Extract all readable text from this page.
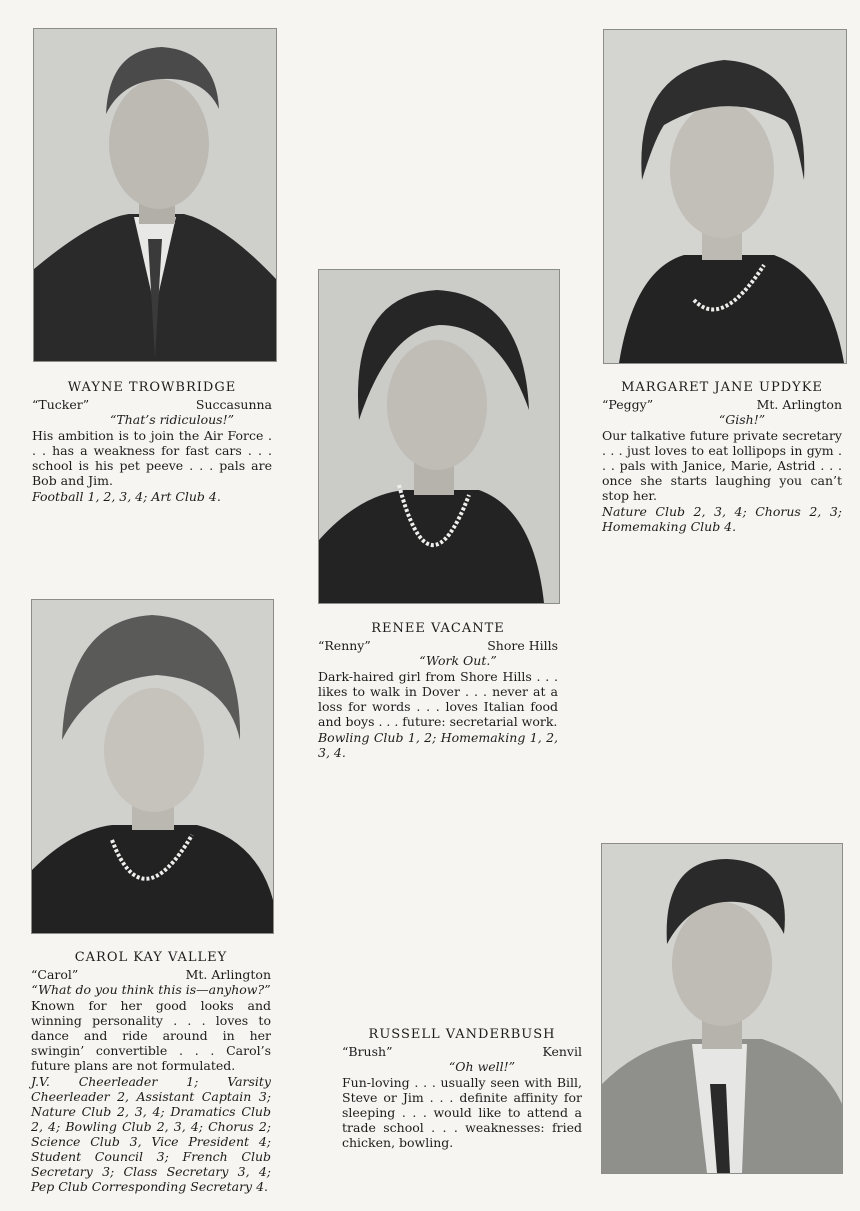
WAYNE TROWBRIDGE
“Tucker”	Succasunna
“That’s ridiculous!”
His ambition is to join the Air Force . . . has a weakness for fast cars . . . school is his pet peeve . . . pals are Bob and Jim.
Football 1, 2, 3, 4; Art Club 4.
MARGARET JANE UPDYKE
“Peggy”	Mt. Arlington
“Gish!”
Our talkative future private secretary . . . just loves to eat lollipops in gym . . . pals with Janice, Marie, Astrid . . . once she starts laughing you can’t stop her.
Nature Club 2, 3, 4; Chorus 2, 3; Homemaking Club 4.
RENEE VACANTE
“Renny”	Shore Hills
“Work Out.”
Dark-haired girl from Shore Hills . . . likes to walk in Dover . . . never at a loss for words . . . loves Italian food and boys . . . future: secretarial work.
Bowling Club 1, 2; Homemaking 1, 2, 3, 4.
CAROL KAY VALLEY
“Carol”	Mt. Arlington
“What do you think this is—anyhow?”
Known for her good looks and winning personality . . . loves to dance and ride around in her swingin’ convertible . . . Carol’s future plans are not formulated.
J.V. Cheerleader 1; Varsity Cheerleader 2, Assistant Captain 3; Nature Club 2, 3, 4; Dramatics Club 2, 4; Bowling Club 2, 3, 4; Chorus 2; Science Club 3, Vice President 4; Student Council 3; French Club Secretary 3; Class Secretary 3, 4; Pep Club Corresponding Secretary 4.
RUSSELL VANDERBUSH
“Brush”	Kenvil
“Oh well!”
Fun-loving . . . usually seen with Bill, Steve or Jim . . . definite affinity for sleeping . . . would like to attend a trade school . . . weaknesses: fried chicken, bowling.
